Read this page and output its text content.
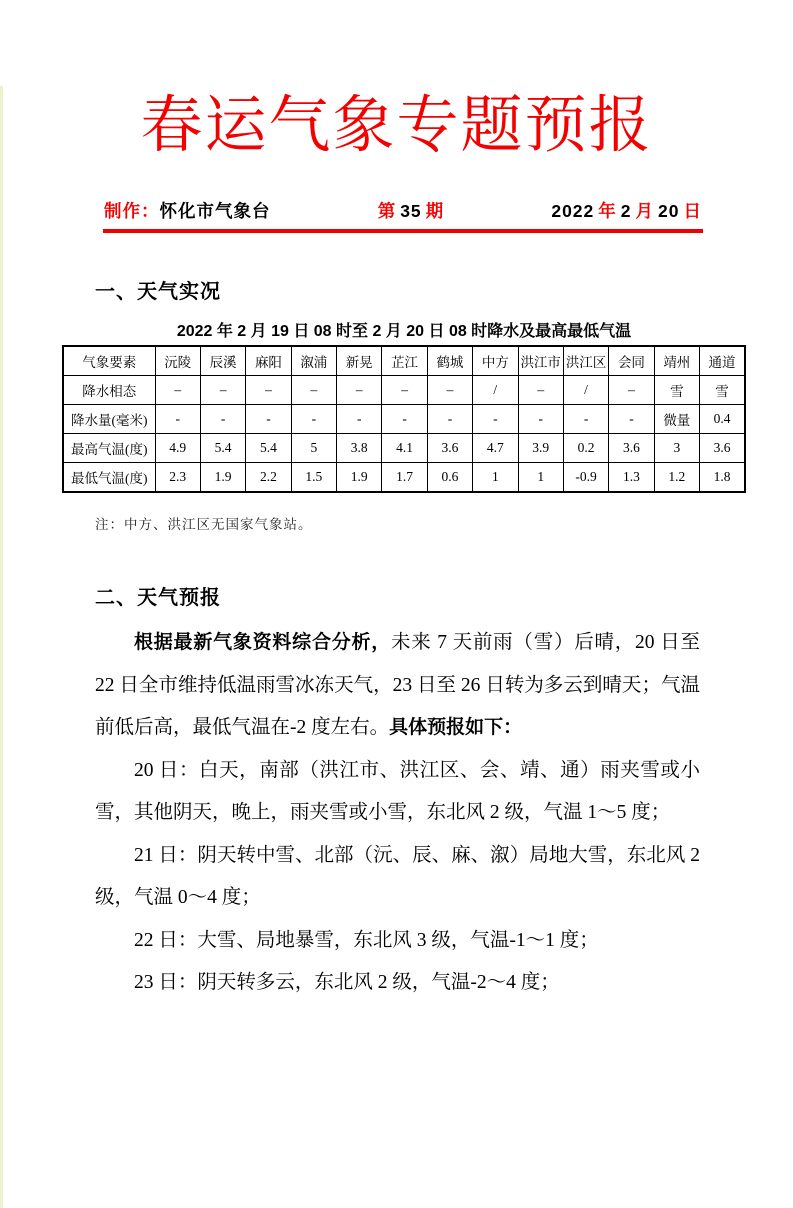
春运气象专题预报
制作：怀化市气象台	第 35 期	2022 年 2 月 20 日
一、天气实况
2022 年 2 月 19 日 08 时至 2 月 20 日 08 时降水及最高最低气温
气象要素	沅陵	辰溪	麻阳	溆浦	新晃	芷江	鹤城	中方	洪江市	洪江区	会同	靖州	通道
降水相态	–	–	–	–	–	–	–	/	–	/	–	雪	雪
降水量(毫米)	-	-	-	-	-	-	-	-	-	-	-	微量	0.4
最高气温(度)	4.9	5.4	5.4	5	3.8	4.1	3.6	4.7	3.9	0.2	3.6	3	3.6
最低气温(度)	2.3	1.9	2.2	1.5	1.9	1.7	0.6	1	1	-0.9	1.3	1.2	1.8
注：中方、洪江区无国家气象站。
二、天气预报

根据最新气象资料综合分析，未来 7 天前雨（雪）后晴，20 日至 22 日全市维持低温雨雪冰冻天气，23 日至 26 日转为多云到晴天；气温前低后高，最低气温在-2 度左右。具体预报如下：

20 日：白天，南部（洪江市、洪江区、会、靖、通）雨夹雪或小雪，其他阴天，晚上，雨夹雪或小雪，东北风 2 级，气温 1～5 度；

21 日：阴天转中雪、北部（沅、辰、麻、溆）局地大雪，东北风 2 级，气温 0～4 度；

22 日：大雪、局地暴雪，东北风 3 级，气温-1～1 度；

23 日：阴天转多云，东北风 2 级，气温-2～4 度；
